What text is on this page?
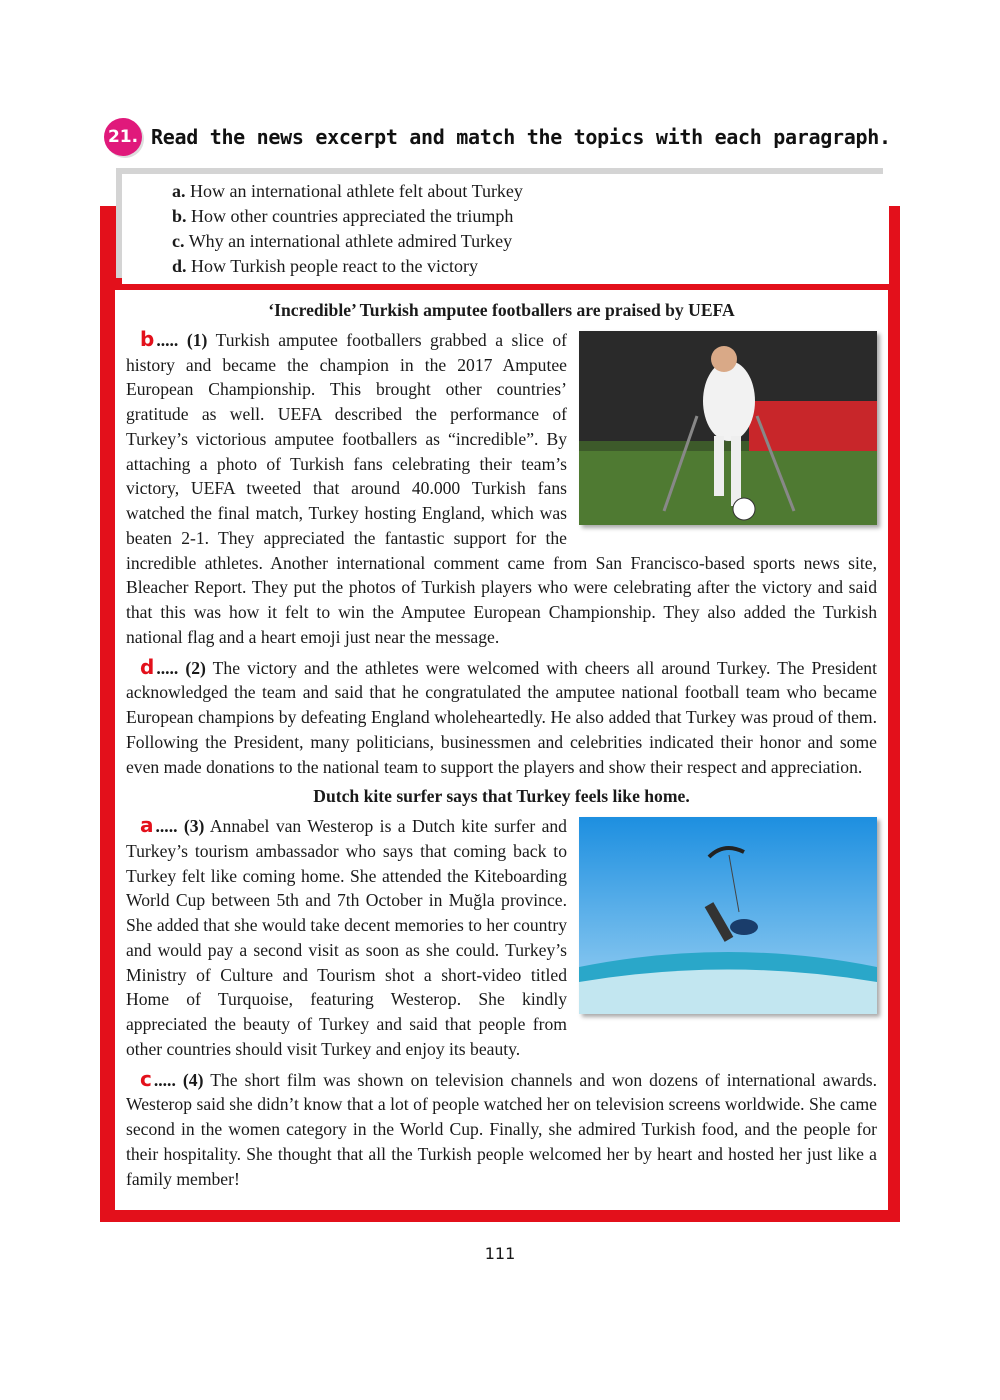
21. Read the news excerpt and match the topics with each paragraph.
a. How an international athlete felt about Turkey
b. How other countries appreciated the triumph
c. Why an international athlete admired Turkey
d. How Turkish people react to the victory
‘Incredible’ Turkish amputee footballers are praised by UEFA

b ..... (1) Turkish amputee footballers grabbed a slice of history and became the champion in the 2017 Amputee European Championship. This brought other countries’ gratitude as well. UEFA described the performance of Turkey’s victorious amputee footballers as “incredible”. By attaching a photo of Turkish fans celebrating their team’s victory, UEFA tweeted that around 40.000 Turkish fans watched the final match, Turkey hosting England, which was beaten 2-1. They appreciated the fantastic support for the incredible athletes. Another international comment came from San Francisco-based sports news site, Bleacher Report. They put the photos of Turkish players who were celebrating after the victory and said that this was how it felt to win the Amputee European Championship. They also added the Turkish national flag and a heart emoji just near the message.

d ..... (2) The victory and the athletes were welcomed with cheers all around Turkey. The President acknowledged the team and said that he congratulated the amputee national football team who became European champions by defeating England wholeheartedly. He also added that Turkey was proud of them. Following the President, many politicians, businessmen and celebrities indicated their honor and some even made donations to the national team to support the players and show their respect and appreciation.

Dutch kite surfer says that Turkey feels like home.

a ..... (3) Annabel van Westerop is a Dutch kite surfer and Turkey’s tourism ambassador who says that coming back to Turkey felt like coming home. She attended the Kiteboarding World Cup between 5th and 7th October in Muğla province. She added that she would take decent memories to her country and would pay a second visit as soon as she could. Turkey’s Ministry of Culture and Tourism shot a short-video titled Home of Turquoise, featuring Westerop. She kindly appreciated the beauty of Turkey and said that people from other countries should visit Turkey and enjoy its beauty.

c ..... (4) The short film was shown on television channels and won dozens of international awards. Westerop said she didn’t know that a lot of people watched her on television screens worldwide. She came second in the women category in the World Cup. Finally, she admired Turkish food, and the people for their hospitality. She thought that all the Turkish people welcomed her by heart and hosted her just like a family member!

111
